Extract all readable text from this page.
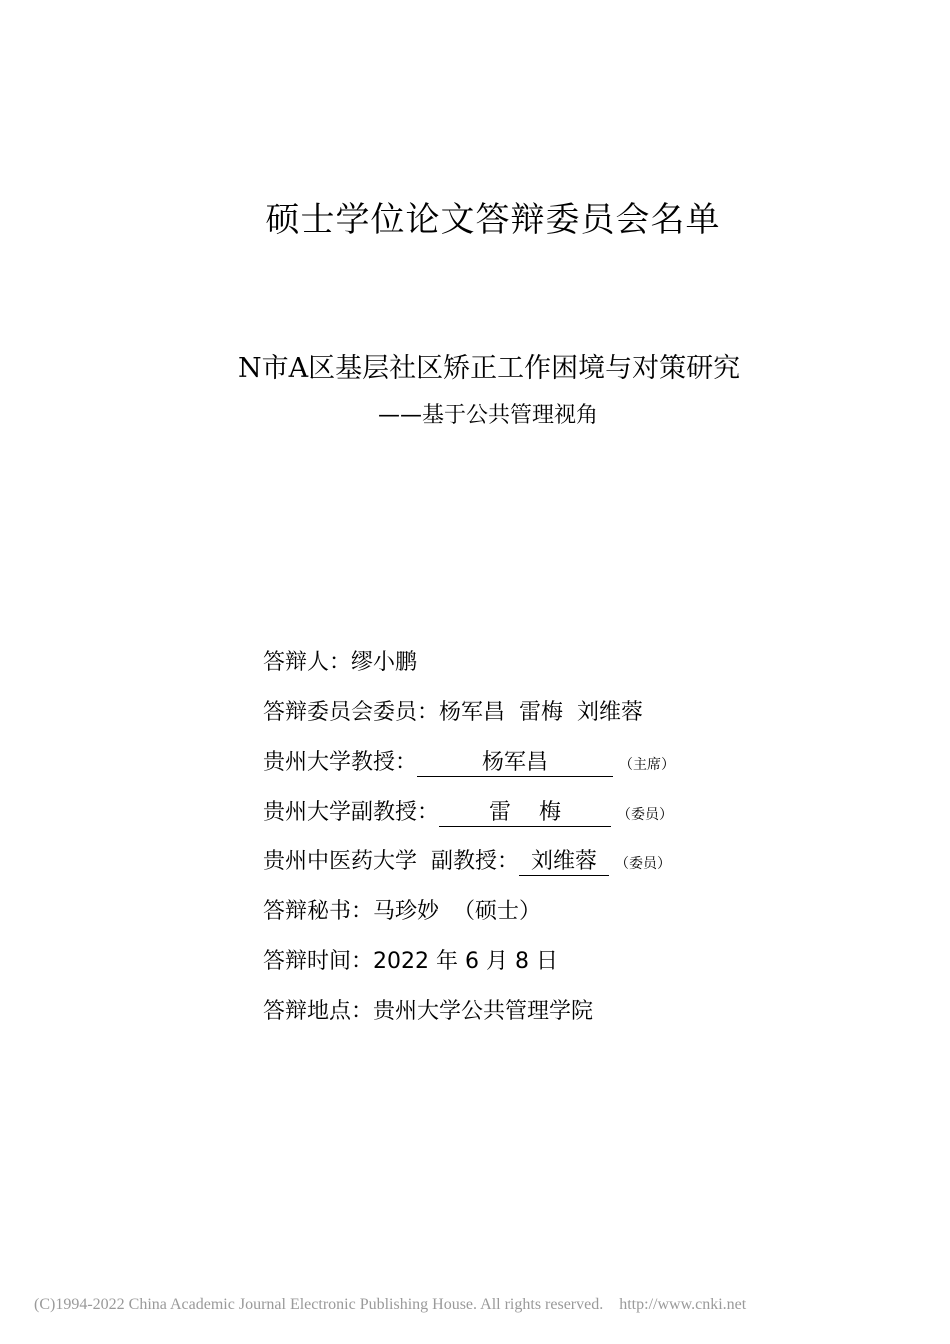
硕士学位论文答辩委员会名单
N市A区基层社区矫正工作困境与对策研究
——基于公共管理视角
答辩人：缪小鹏
答辩委员会委员：杨军昌  雷梅  刘维蓉
贵州大学教授：	杨军昌	（主席）
贵州大学副教授： 雷    梅	（委员）
贵州中医药大学  副教授： 刘维蓉 （委员）
答辩秘书：马珍妙  （硕士）
答辩时间：2022 年 6 月 8 日
答辩地点：贵州大学公共管理学院
(C)1994-2022 China Academic Journal Electronic Publishing House. All rights reserved. http://www.cnki.net
